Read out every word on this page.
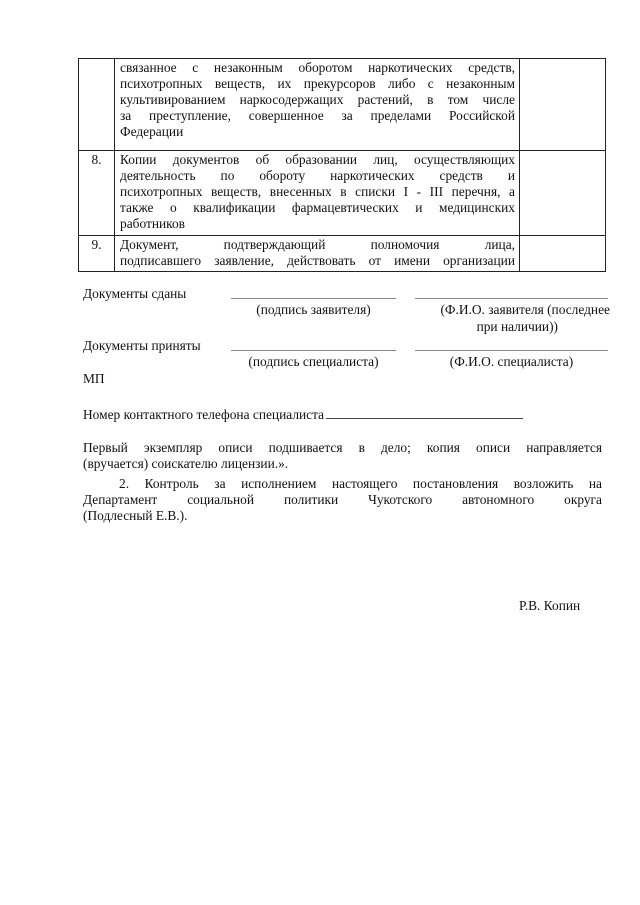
	связанное с незаконным оборотом наркотических средств,
психотропных веществ, их прекурсоров либо с незаконным
культивированием наркосодержащих растений, в том числе
за преступление, совершенное за пределами Российской
Федерации	

8.	Копии документов об образовании лиц, осуществляющих
деятельность по обороту наркотических средств и
психотропных веществ, внесенных в списки I - III перечня, а
также о квалификации фармацевтических и медицинских
работников	

9.	Документ, подтверждающий полномочия лица,
подписавшего заявление, действовать от имени организации	

Документы сданы
(подпись заявителя)	(Ф.И.О. заявителя (последнее
при наличии))
Документы приняты
(подпись специалиста)	(Ф.И.О. специалиста)
МП
Номер контактного телефона специалиста
Первый экземпляр описи подшивается в дело; копия описи направляется
(вручается) соискателю лицензии.».
2. Контроль за исполнением настоящего постановления возложить на
Департамент социальной политики Чукотского автономного округа
(Подлесный Е.В.).
Р.В. Копин
